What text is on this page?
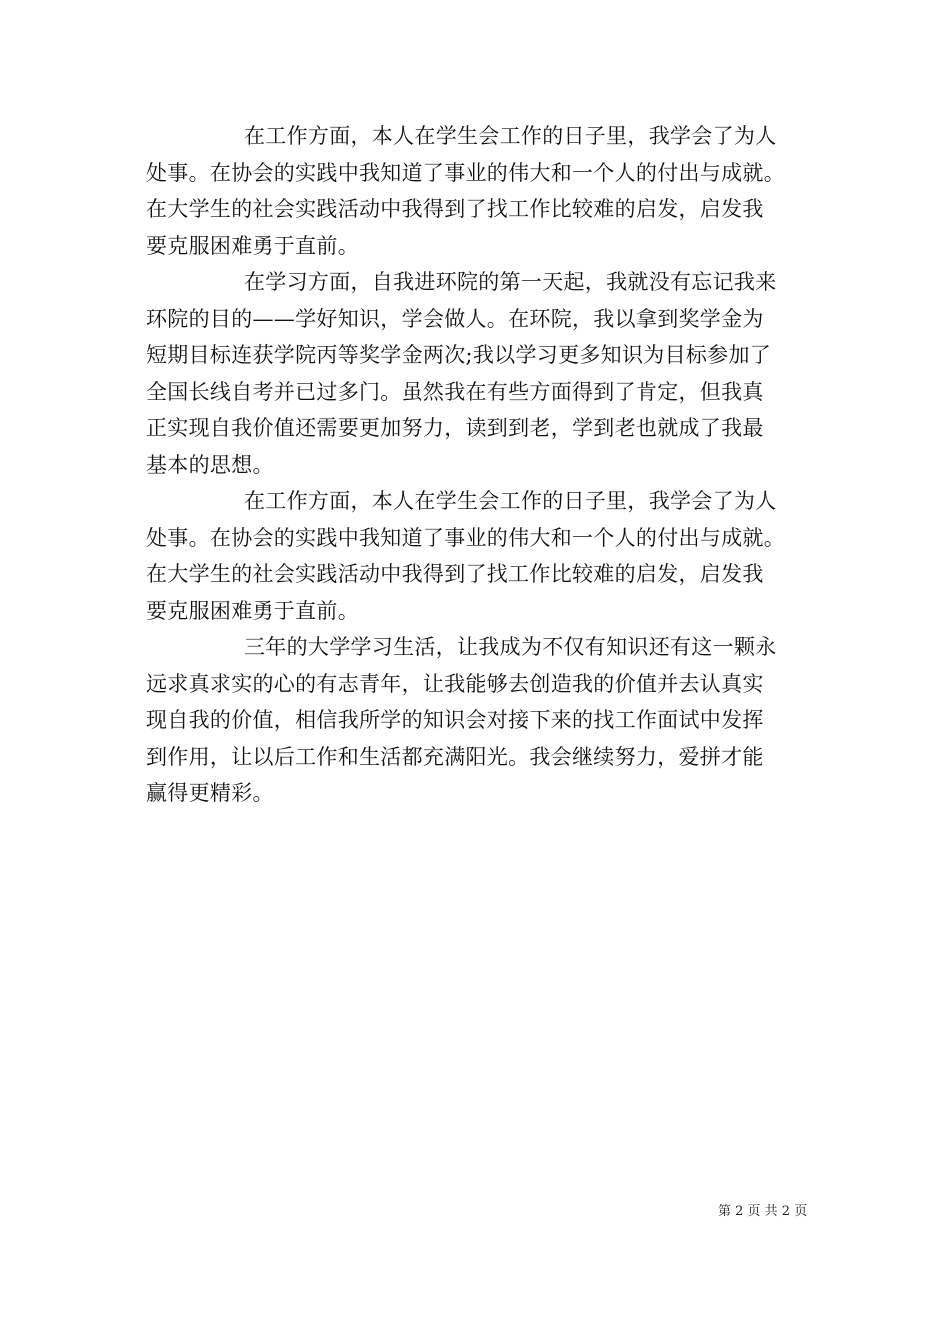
在工作方面，本人在学生会工作的日子里，我学会了为人
处事。在协会的实践中我知道了事业的伟大和一个人的付出与成就。
在大学生的社会实践活动中我得到了找工作比较难的启发，启发我
要克服困难勇于直前。

在学习方面，自我进环院的第一天起，我就没有忘记我来
环院的目的——学好知识，学会做人。在环院，我以拿到奖学金为
短期目标连获学院丙等奖学金两次;我以学习更多知识为目标参加了
全国长线自考并已过多门。虽然我在有些方面得到了肯定，但我真
正实现自我价值还需要更加努力，读到到老，学到老也就成了我最
基本的思想。

在工作方面，本人在学生会工作的日子里，我学会了为人
处事。在协会的实践中我知道了事业的伟大和一个人的付出与成就。
在大学生的社会实践活动中我得到了找工作比较难的启发，启发我
要克服困难勇于直前。

三年的大学学习生活，让我成为不仅有知识还有这一颗永
远求真求实的心的有志青年，让我能够去创造我的价值并去认真实
现自我的价值，相信我所学的知识会对接下来的找工作面试中发挥
到作用，让以后工作和生活都充满阳光。我会继续努力，爱拼才能
赢得更精彩。

第 2 页 共 2 页
